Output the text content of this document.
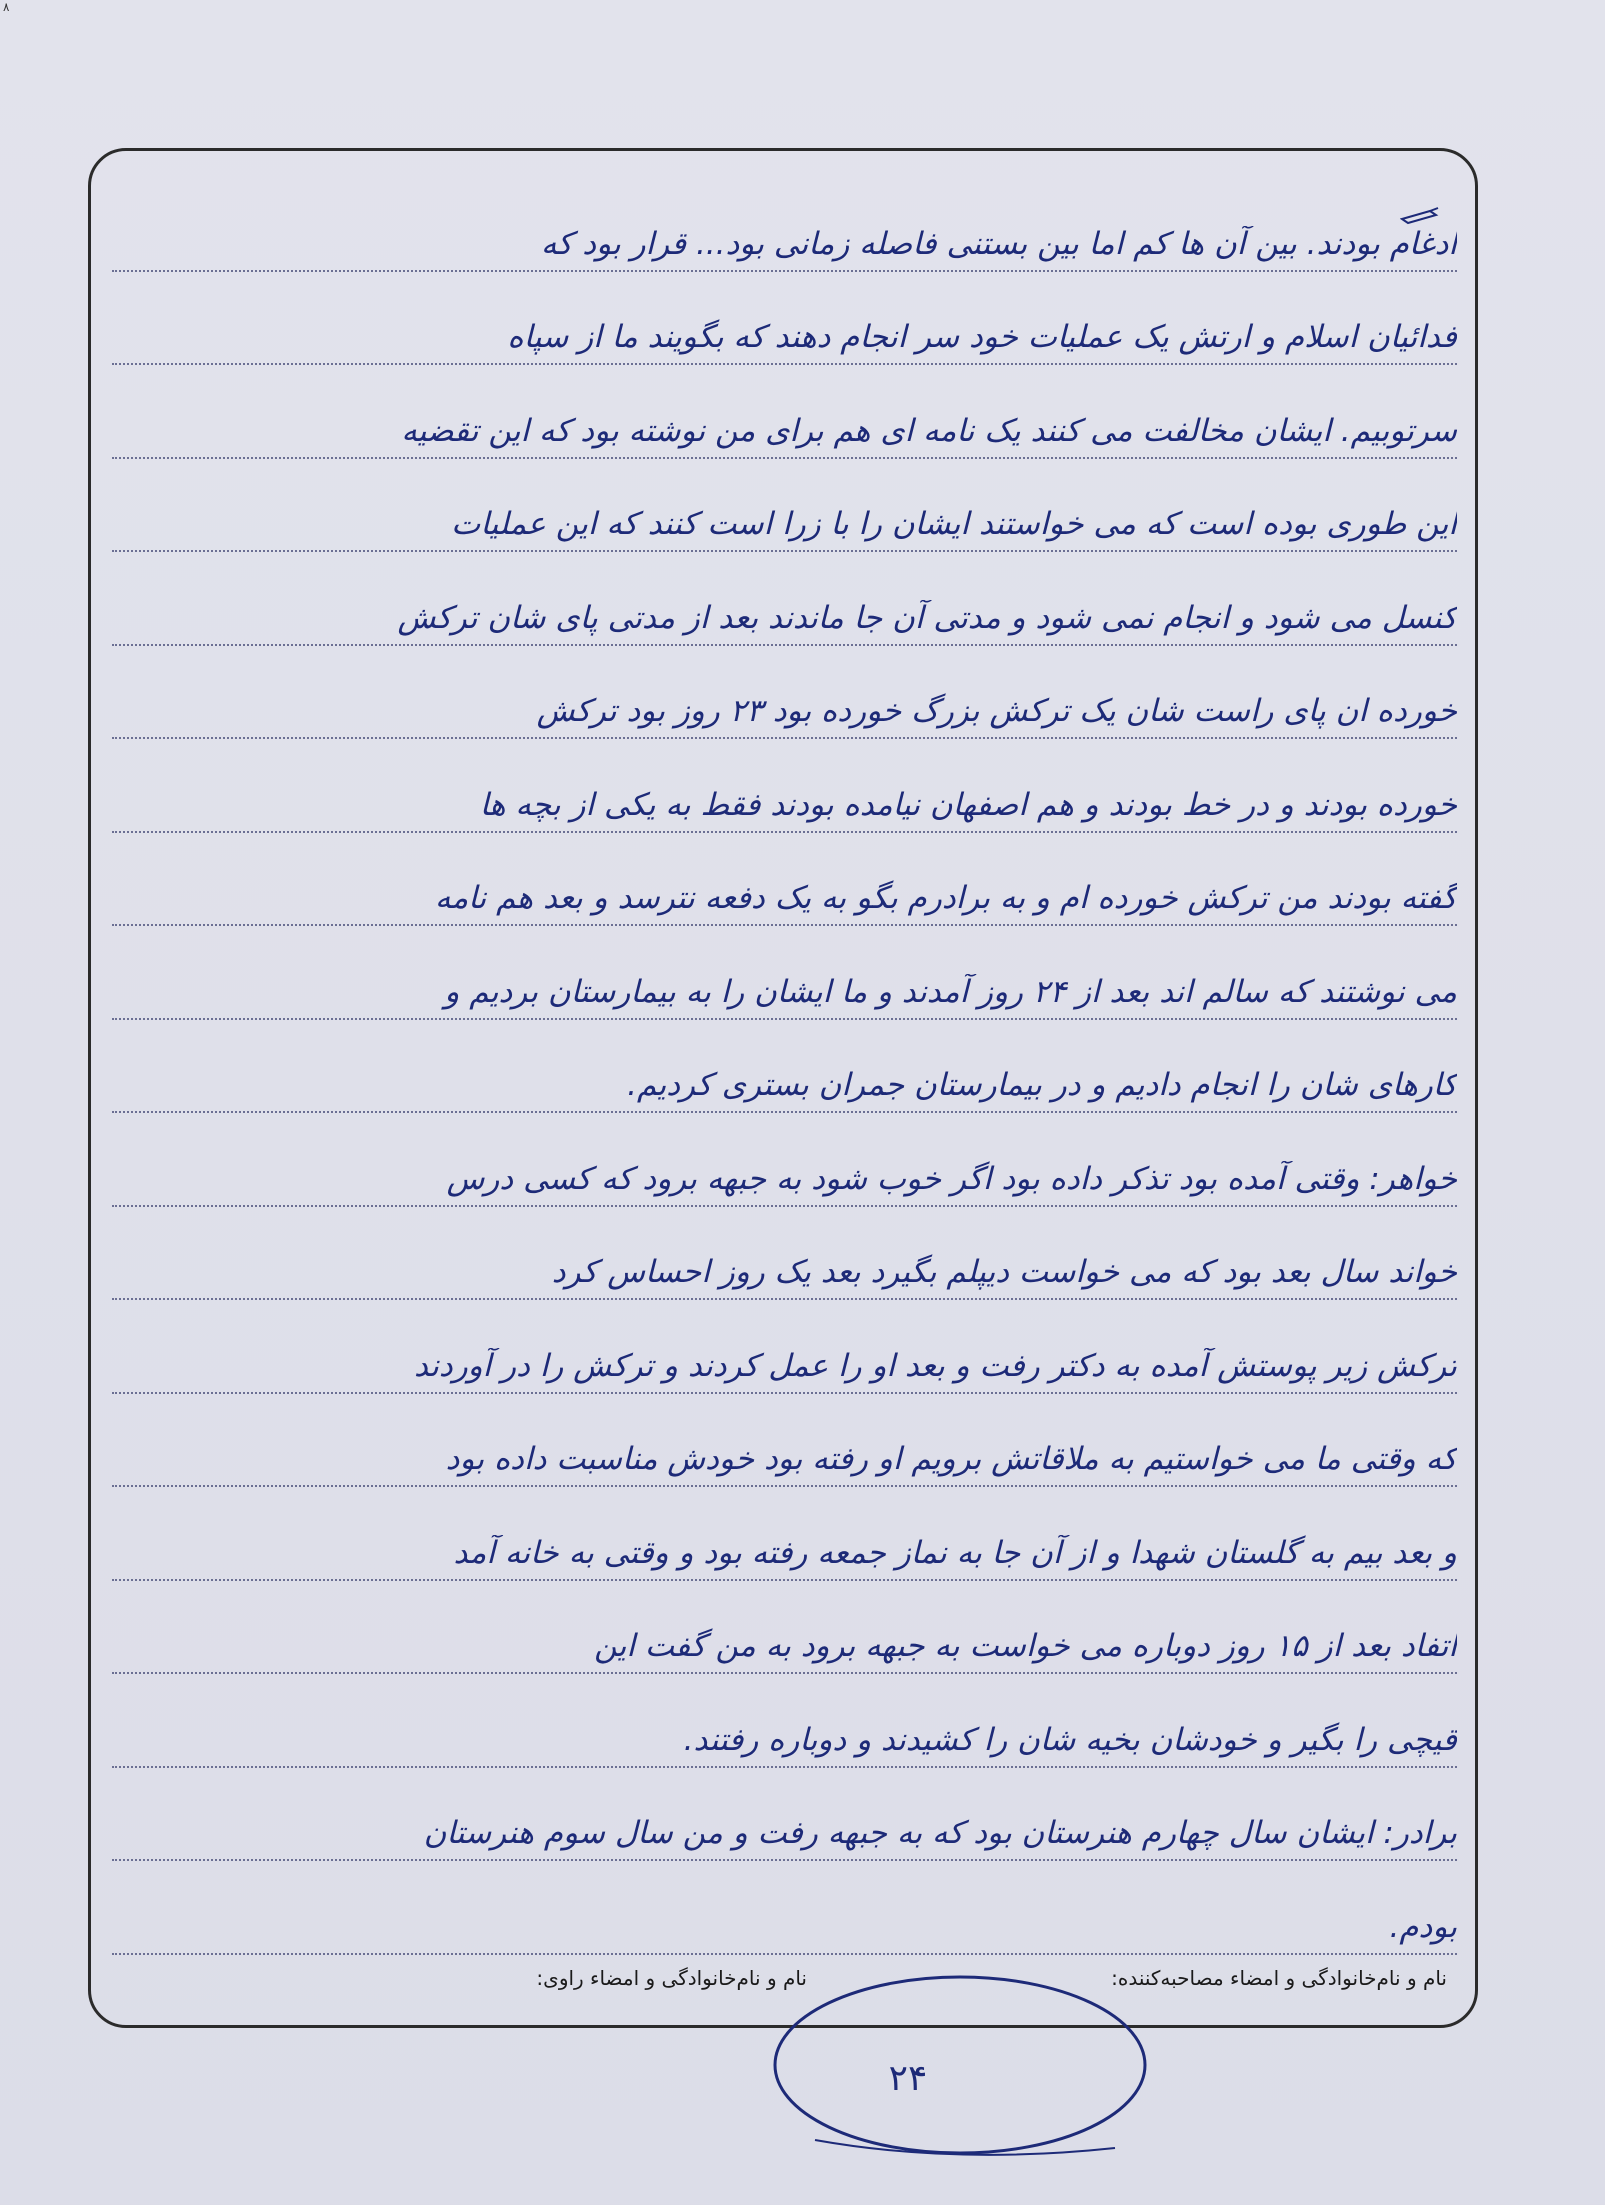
۸
ادغام بودند. بین آن ها کم اما بین بستنی فاصله زمانی بود... قرار بود که
فدائیان اسلام و ارتش یک عملیات خود سر انجام دهند که بگویند ما از سپاه
سرتوبیم. ایشان مخالفت می کنند یک نامه ای هم برای من نوشته بود که این تقضیه
این طوری بوده است که می خواستند ایشان را با زرا است کنند که این عملیات
کنسل می شود و انجام نمی شود و مدتی آن جا ماندند بعد از مدتی پای شان ترکش
خورده ان پای راست شان یک ترکش بزرگ خورده بود ۲۳ روز بود ترکش
خورده بودند و در خط بودند و هم اصفهان نیامده بودند فقط به یکی از بچه ها
گفته بودند من ترکش خورده ام و به برادرم بگو به یک دفعه نترسد و بعد هم نامه
می نوشتند که سالم اند بعد از ۲۴ روز آمدند و ما ایشان را به بیمارستان بردیم و
کارهای شان را انجام دادیم و در بیمارستان جمران بستری کردیم.
خواهر: وقتی آمده بود تذکر داده بود اگر خوب شود به جبهه برود که کسی درس
خواند سال بعد بود که می خواست دیپلم بگیرد بعد یک روز احساس کرد
ترکش زیر پوستش آمده به دکتر رفت و بعد او را عمل کردند و ترکش را در آوردند
که وقتی ما می خواستیم به ملاقاتش برویم او رفته بود خودش مناسبت داده بود
و بعد بیم به گلستان شهدا و از آن جا به نماز جمعه رفته بود و وقتی به خانه آمد
اتفاد بعد از ۱۵ روز دوباره می خواست به جبهه برود به من گفت این
قیچی را بگیر و خودشان بخیه شان را کشیدند و دوباره رفتند.
برادر: ایشان سال چهارم هنرستان بود که به جبهه رفت و من سال سوم هنرستان
بودم.
نام و نام‌خانوادگی و امضاء مصاحبه‌کننده:
نام و نام‌خانوادگی و امضاء راوی:
۲۴
